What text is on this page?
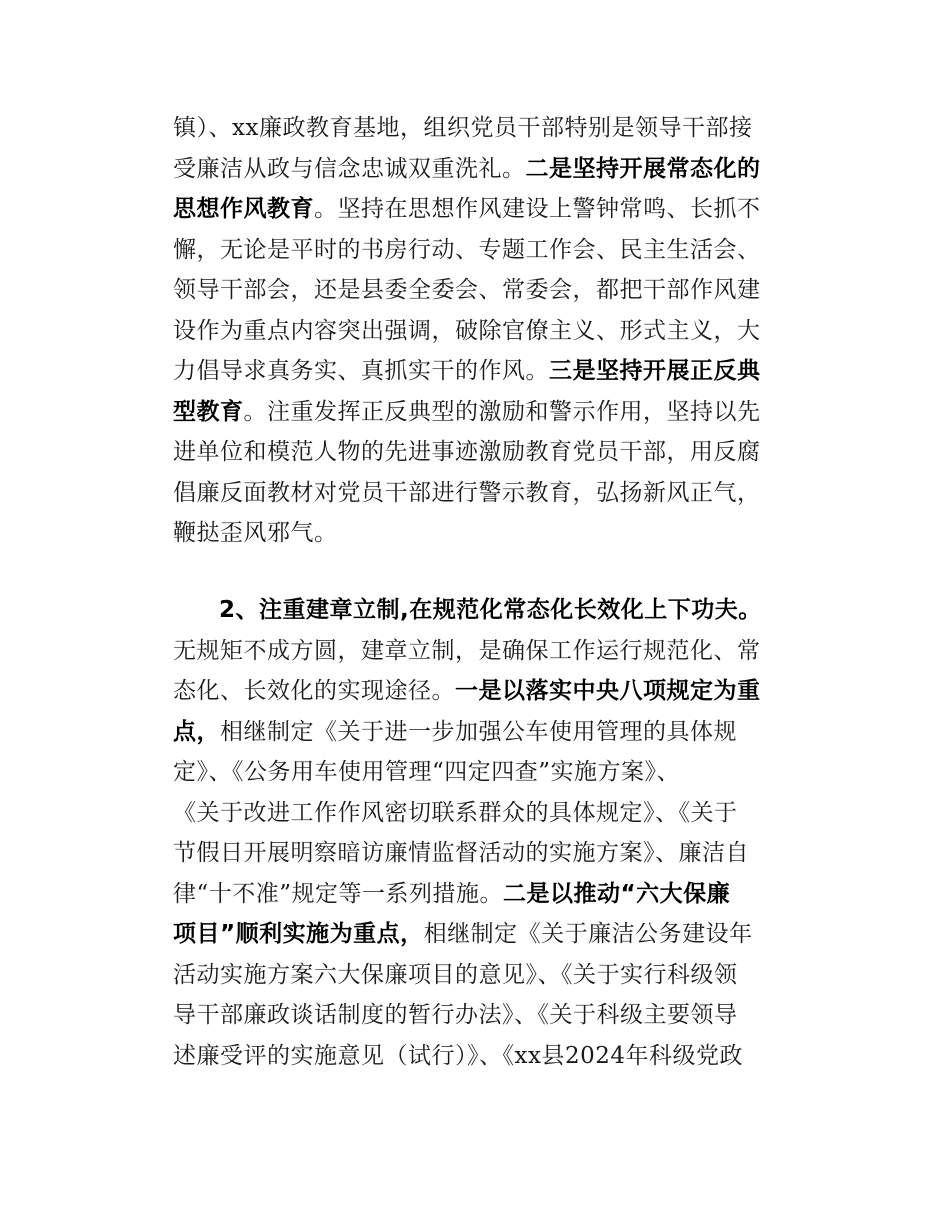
镇）、xx廉政教育基地，组织党员干部特别是领导干部接
受廉洁从政与信念忠诚双重洗礼。二是坚持开展常态化的
思想作风教育。坚持在思想作风建设上警钟常鸣、长抓不
懈，无论是平时的书房行动、专题工作会、民主生活会、
领导干部会，还是县委全委会、常委会，都把干部作风建
设作为重点内容突出强调，破除官僚主义、形式主义，大
力倡导求真务实、真抓实干的作风。三是坚持开展正反典
型教育。注重发挥正反典型的激励和警示作用，坚持以先
进单位和模范人物的先进事迹激励教育党员干部，用反腐
倡廉反面教材对党员干部进行警示教育，弘扬新风正气，
鞭挞歪风邪气。
2、注重建章立制,在规范化常态化长效化上下功夫。
无规矩不成方圆，建章立制，是确保工作运行规范化、常
态化、长效化的实现途径。一是以落实中央八项规定为重
点，相继制定《关于进一步加强公车使用管理的具体规
定》、《公务用车使用管理“四定四查”实施方案》、
《关于改进工作作风密切联系群众的具体规定》、《关于
节假日开展明察暗访廉情监督活动的实施方案》、廉洁自
律“十不准”规定等一系列措施。二是以推动“六大保廉
项目”顺利实施为重点，相继制定《关于廉洁公务建设年
活动实施方案六大保廉项目的意见》、《关于实行科级领
导干部廉政谈话制度的暂行办法》、《关于科级主要领导
述廉受评的实施意见（试行）》、《xx县2024年科级党政
